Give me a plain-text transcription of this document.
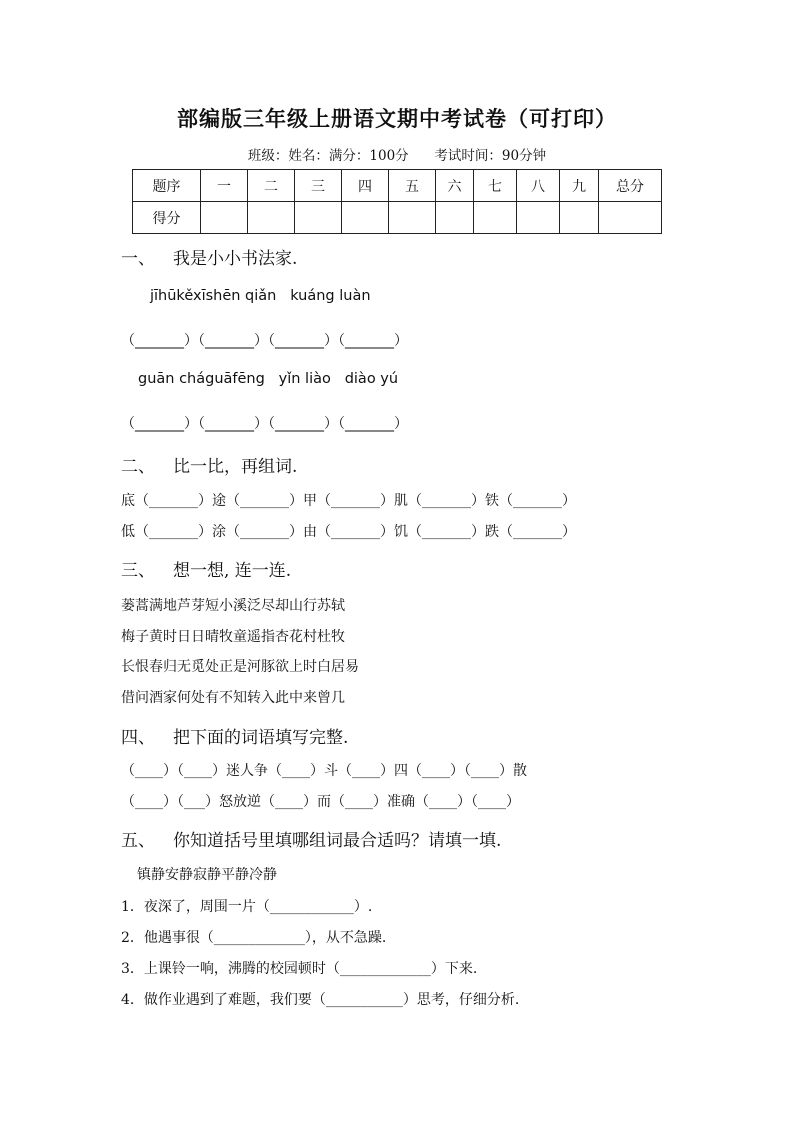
部编版三年级上册语文期中考试卷（可打印）
班级：姓名：满分：100分 考试时间：90分钟
题序	一	二	三	四	五	六	七	八	九	总分
得分										
一、 我是小小书法家.
jīhūkěxīshēn qiǎn   kuáng luàn
（_______）（_______）（_______）（_______）
guān cháguāfēng   yǐn liào   diào yú
（_______）（_______）（_______）（_______）
二、 比一比，再组词.
底（_______）途（_______）甲（_______）肌（_______）铁（_______）
低（_______）涂（_______）由（_______）饥（_______）跌（_______）
三、 想一想, 连一连.
蒌蒿满地芦芽短小溪泛尽却山行苏轼
梅子黄时日日晴牧童遥指杏花村杜牧
长恨春归无觅处正是河豚欲上时白居易
借问酒家何处有不知转入此中来曾几
四、 把下面的词语填写完整.
（____）（____）迷人争（____）斗（____）四（____）（____）散
（____）（___）怒放逆（____）而（____）准确（____）（____）
五、 你知道括号里填哪组词最合适吗？请填一填.
镇静安静寂静平静冷静
1．夜深了，周围一片（____________）.
2．他遇事很（_____________），从不急躁.
3．上课铃一响，沸腾的校园顿时（_____________）下来.
4．做作业遇到了难题，我们要（___________）思考，仔细分析.
